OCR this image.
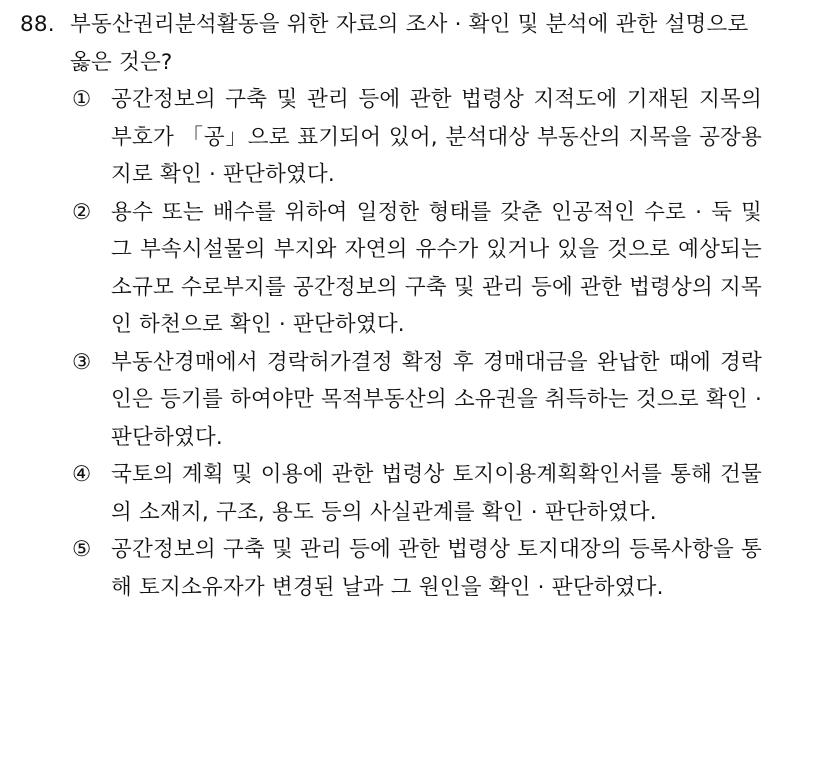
88. 부동산권리분석활동을 위한 자료의 조사 · 확인 및 분석에 관한 설명으로 옳은 것은?
① 공간정보의 구축 및 관리 등에 관한 법령상 지적도에 기재된 지목의 부호가 「공」으로 표기되어 있어, 분석대상 부동산의 지목을 공장용지로 확인 · 판단하였다.
② 용수 또는 배수를 위하여 일정한 형태를 갖춘 인공적인 수로 · 둑 및 그 부속시설물의 부지와 자연의 유수가 있거나 있을 것으로 예상되는 소규모 수로부지를 공간정보의 구축 및 관리 등에 관한 법령상의 지목인 하천으로 확인 · 판단하였다.
③ 부동산경매에서 경락허가결정 확정 후 경매대금을 완납한 때에 경락인은 등기를 하여야만 목적부동산의 소유권을 취득하는 것으로 확인 · 판단하였다.
④ 국토의 계획 및 이용에 관한 법령상 토지이용계획확인서를 통해 건물의 소재지, 구조, 용도 등의 사실관계를 확인 · 판단하였다.
⑤ 공간정보의 구축 및 관리 등에 관한 법령상 토지대장의 등록사항을 통해 토지소유자가 변경된 날과 그 원인을 확인 · 판단하였다.
